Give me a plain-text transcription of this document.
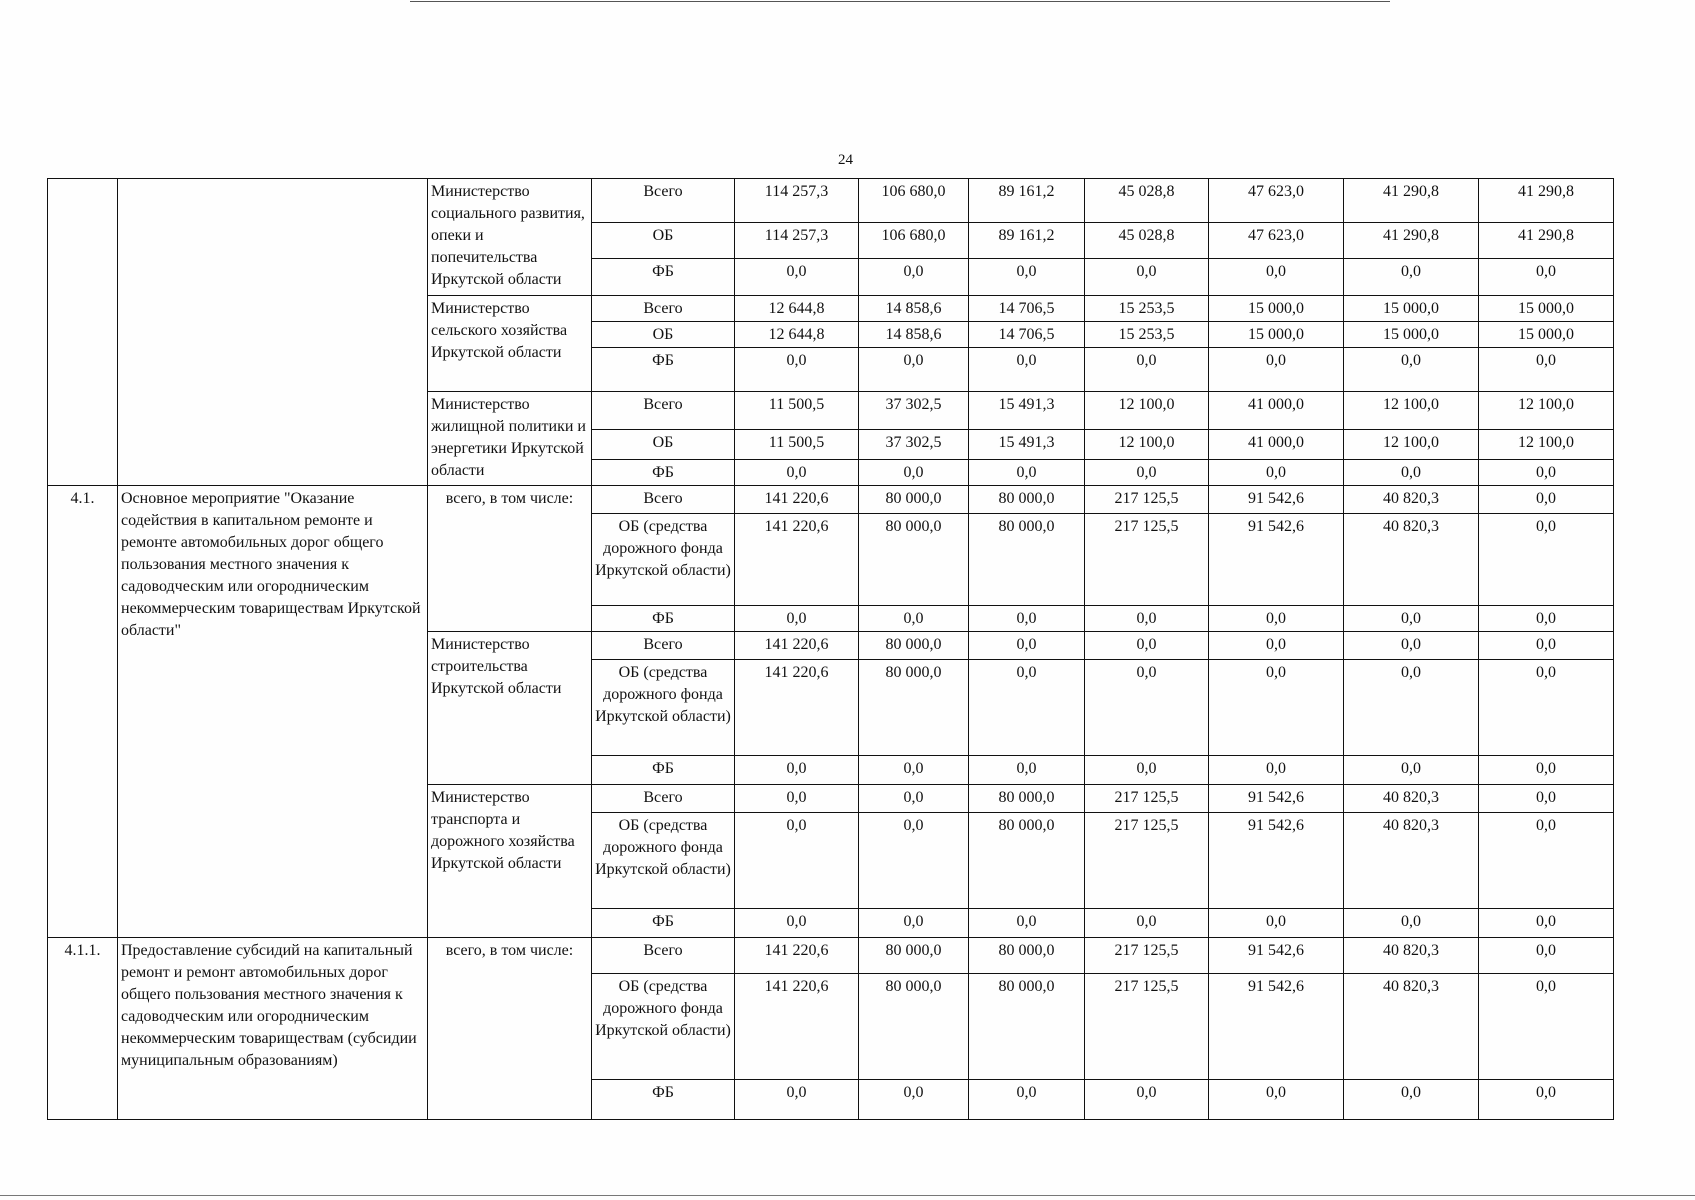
24
		Министерство социального развития, опеки и попечительства Иркутской области	Всего	114 257,3	106 680,0	89 161,2	45 028,8	47 623,0	41 290,8	41 290,8
			ОБ	114 257,3	106 680,0	89 161,2	45 028,8	47 623,0	41 290,8	41 290,8
			ФБ	0,0	0,0	0,0	0,0	0,0	0,0	0,0
		Министерство сельского хозяйства Иркутской области	Всего	12 644,8	14 858,6	14 706,5	15 253,5	15 000,0	15 000,0	15 000,0
			ОБ	12 644,8	14 858,6	14 706,5	15 253,5	15 000,0	15 000,0	15 000,0
			ФБ	0,0	0,0	0,0	0,0	0,0	0,0	0,0
		Министерство жилищной политики и энергетики Иркутской области	Всего	11 500,5	37 302,5	15 491,3	12 100,0	41 000,0	12 100,0	12 100,0
			ОБ	11 500,5	37 302,5	15 491,3	12 100,0	41 000,0	12 100,0	12 100,0
			ФБ	0,0	0,0	0,0	0,0	0,0	0,0	0,0
4.1.	Основное мероприятие "Оказание содействия в капитальном ремонте и ремонте автомобильных дорог общего пользования местного значения к садоводческим или огородническим некоммерческим товариществам Иркутской области"	всего, в том числе:	Всего	141 220,6	80 000,0	80 000,0	217 125,5	91 542,6	40 820,3	0,0
			ОБ (средства дорожного фонда Иркутской области)	141 220,6	80 000,0	80 000,0	217 125,5	91 542,6	40 820,3	0,0
			ФБ	0,0	0,0	0,0	0,0	0,0	0,0	0,0
		Министерство строительства Иркутской области	Всего	141 220,6	80 000,0	0,0	0,0	0,0	0,0	0,0
			ОБ (средства дорожного фонда Иркутской области)	141 220,6	80 000,0	0,0	0,0	0,0	0,0	0,0
			ФБ	0,0	0,0	0,0	0,0	0,0	0,0	0,0
		Министерство транспорта и дорожного хозяйства Иркутской области	Всего	0,0	0,0	80 000,0	217 125,5	91 542,6	40 820,3	0,0
			ОБ (средства дорожного фонда Иркутской области)	0,0	0,0	80 000,0	217 125,5	91 542,6	40 820,3	0,0
			ФБ	0,0	0,0	0,0	0,0	0,0	0,0	0,0
4.1.1.	Предоставление субсидий на капитальный ремонт и ремонт автомобильных дорог общего пользования местного значения к садоводческим или огородническим некоммерческим товариществам (субсидии муниципальным образованиям)	всего, в том числе:	Всего	141 220,6	80 000,0	80 000,0	217 125,5	91 542,6	40 820,3	0,0
			ОБ (средства дорожного фонда Иркутской области)	141 220,6	80 000,0	80 000,0	217 125,5	91 542,6	40 820,3	0,0
			ФБ	0,0	0,0	0,0	0,0	0,0	0,0	0,0
